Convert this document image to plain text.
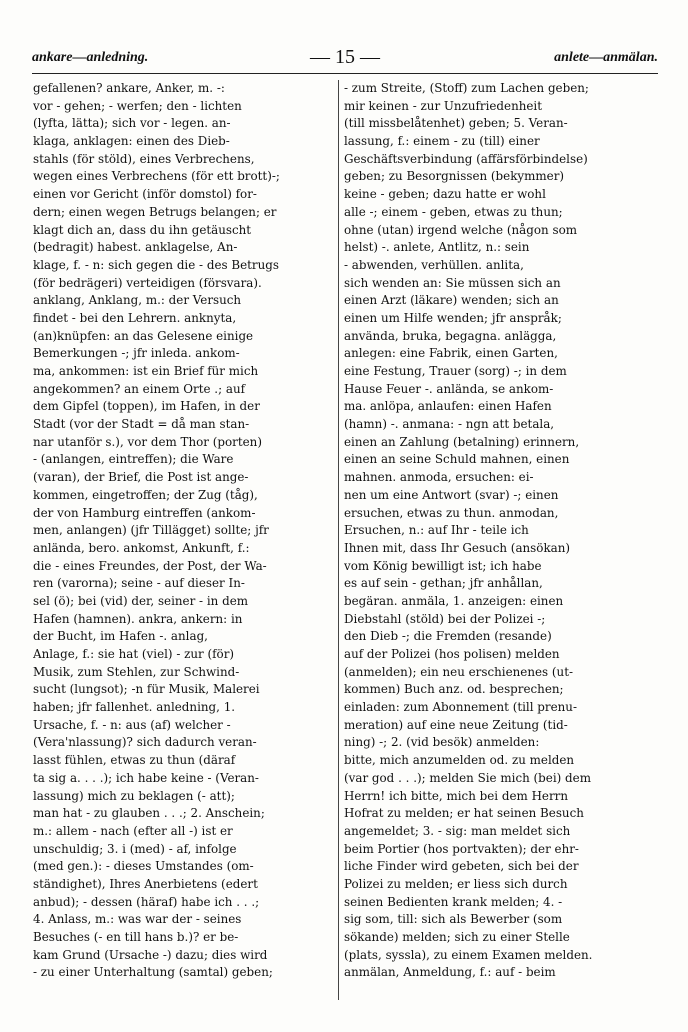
ankare—anledning.	— 15 —	anlete—anmälan.
gefallenen? ankare, Anker, m. -:
vor - gehen; - werfen; den - lichten
(lyfta, lätta); sich vor - legen. an-
klaga, anklagen: einen des Dieb-
stahls (för stöld), eines Verbrechens,
wegen eines Verbrechens (för ett brott)-;
einen vor Gericht (inför domstol) for-
dern; einen wegen Betrugs belangen; er
klagt dich an, dass du ihn getäuscht
(bedragit) habest. anklagelse, An-
klage, f. - n: sich gegen die - des Betrugs
(för bedrägeri) verteidigen (försvara).
anklang, Anklang, m.: der Versuch
findet - bei den Lehrern. anknyta,
(an)knüpfen: an das Gelesene einige
Bemerkungen -; jfr inleda. ankom-
ma, ankommen: ist ein Brief für mich
angekommen? an einem Orte .; auf
dem Gipfel (toppen), im Hafen, in der
Stadt (vor der Stadt = då man stan-
nar utanför s.), vor dem Thor (porten)
- (anlangen, eintreffen); die Ware
(varan), der Brief, die Post ist ange-
kommen, eingetroffen; der Zug (tåg),
der von Hamburg eintreffen (ankom-
men, anlangen) (jfr Tillägget) sollte; jfr
anlända, bero. ankomst, Ankunft, f.:
die - eines Freundes, der Post, der Wa-
ren (varorna); seine - auf dieser In-
sel (ö); bei (vid) der, seiner - in dem
Hafen (hamnen). ankra, ankern: in
der Bucht, im Hafen -. anlag,
Anlage, f.: sie hat (viel) - zur (för)
Musik, zum Stehlen, zur Schwind-
sucht (lungsot); -n für Musik, Malerei
haben; jfr fallenhet. anledning, 1.
Ursache, f. - n: aus (af) welcher -
(Vera'nlassung)? sich dadurch veran-
lasst fühlen, etwas zu thun (däraf
ta sig a. . . .); ich habe keine - (Veran-
lassung) mich zu beklagen (- att);
man hat - zu glauben . . .; 2. Anschein;
m.: allem - nach (efter all -) ist er
unschuldig; 3. i (med) - af, infolge
(med gen.): - dieses Umstandes (om-
ständighet), Ihres Anerbietens (edert
anbud); - dessen (häraf) habe ich . . .;
4. Anlass, m.: was war der - seines
Besuches (- en till hans b.)? er be-
kam Grund (Ursache -) dazu; dies wird
- zu einer Unterhaltung (samtal) geben;
- zum Streite, (Stoff) zum Lachen geben;
mir keinen - zur Unzufriedenheit
(till missbelåtenhet) geben; 5. Veran-
lassung, f.: einem - zu (till) einer
Geschäftsverbindung (affärsförbindelse)
geben; zu Besorgnissen (bekymmer)
keine - geben; dazu hatte er wohl
alle -; einem - geben, etwas zu thun;
ohne (utan) irgend welche (någon som
helst) -. anlete, Antlitz, n.: sein
- abwenden, verhüllen. anlita,
sich wenden an: Sie müssen sich an
einen Arzt (läkare) wenden; sich an
einen um Hilfe wenden; jfr anspråk;
använda, bruka, begagna. anlägga,
anlegen: eine Fabrik, einen Garten,
eine Festung, Trauer (sorg) -; in dem
Hause Feuer -. anlända, se ankom-
ma. anlöpa, anlaufen: einen Hafen
(hamn) -. anmana: - ngn att betala,
einen an Zahlung (betalning) erinnern,
einen an seine Schuld mahnen, einen
mahnen. anmoda, ersuchen: ei-
nen um eine Antwort (svar) -; einen
ersuchen, etwas zu thun. anmodan,
Ersuchen, n.: auf Ihr - teile ich
Ihnen mit, dass Ihr Gesuch (ansökan)
vom König bewilligt ist; ich habe
es auf sein - gethan; jfr anhållan,
begäran. anmäla, 1. anzeigen: einen
Diebstahl (stöld) bei der Polizei -;
den Dieb -; die Fremden (resande)
auf der Polizei (hos polisen) melden
(anmelden); ein neu erschienenes (ut-
kommen) Buch anz. od. besprechen;
einladen: zum Abonnement (till prenu-
meration) auf eine neue Zeitung (tid-
ning) -; 2. (vid besök) anmelden:
bitte, mich anzumelden od. zu melden
(var god . . .); melden Sie mich (bei) dem
Herrn! ich bitte, mich bei dem Herrn
Hofrat zu melden; er hat seinen Besuch
angemeldet; 3. - sig: man meldet sich
beim Portier (hos portvakten); der ehr-
liche Finder wird gebeten, sich bei der
Polizei zu melden; er liess sich durch
seinen Bedienten krank melden; 4. -
sig som, till: sich als Bewerber (som
sökande) melden; sich zu einer Stelle
(plats, syssla), zu einem Examen melden.
anmälan, Anmeldung, f.: auf - beim
